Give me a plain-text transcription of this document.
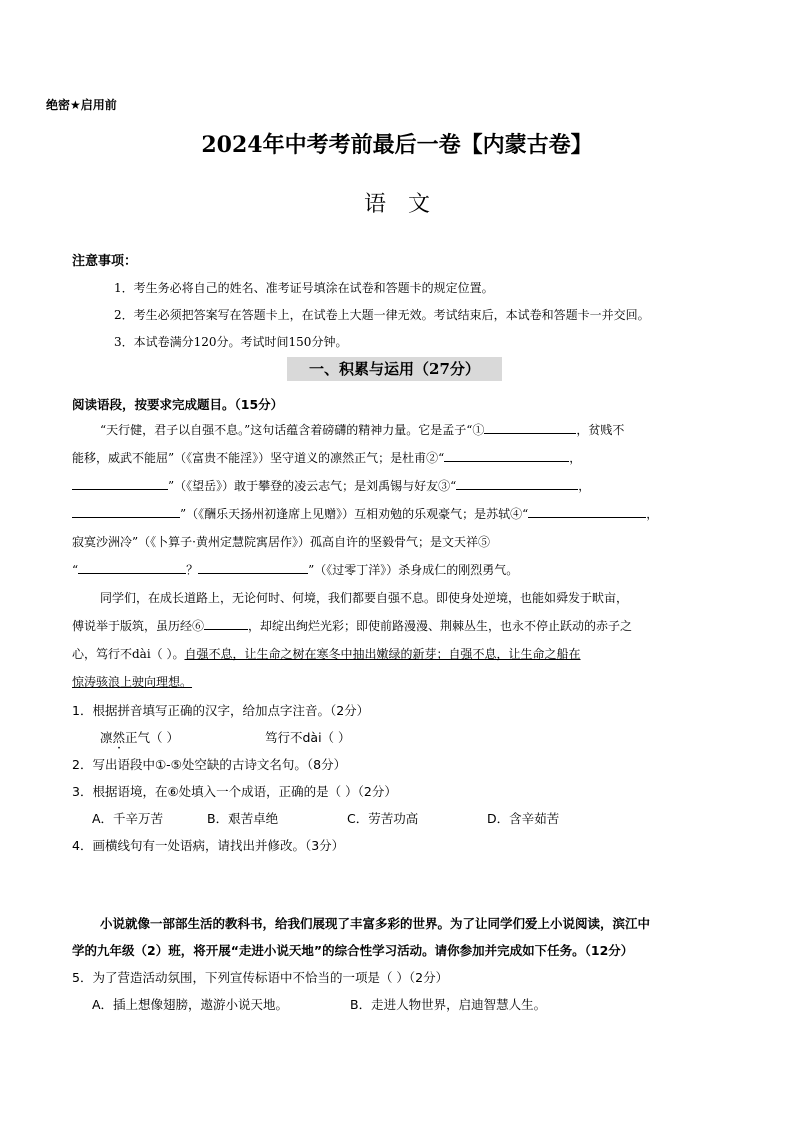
绝密★启用前
2024年中考考前最后一卷【内蒙古卷】
语文
注意事项：
1．考生务必将自己的姓名、准考证号填涂在试卷和答题卡的规定位置。
2．考生必须把答案写在答题卡上，在试卷上大题一律无效。考试结束后，本试卷和答题卡一并交回。
3．本试卷满分120分。考试时间150分钟。
一、积累与运用（27分）
阅读语段，按要求完成题目。（15分）
“天行健，君子以自强不息。”这句话蕴含着磅礴的精神力量。它是孟子“①	，贫贱不
能移，威武不能屈”（《富贵不能淫》）坚守道义的凛然正气；是杜甫②“	，
”（《望岳》）敢于攀登的凌云志气；是刘禹锡与好友③“	，
”（《酬乐天扬州初逢席上见赠》）互相劝勉的乐观豪气；是苏轼④“	，
寂寞沙洲冷”（《卜算子·黄州定慧院寓居作》）孤高自许的坚毅骨气；是文天祥⑤
“	？	”（《过零丁洋》）杀身成仁的刚烈勇气。
同学们，在成长道路上，无论何时、何境，我们都要自强不息。即使身处逆境，也能如舜发于畎亩，
傅说举于版筑，虽历经⑥	，却绽出绚烂光彩；即使前路漫漫、荆棘丛生，也永不停止跃动的赤子之
心，笃行不dài（ ）。自强不息，让生命之树在寒冬中抽出嫩绿的新芽；自强不息，让生命之船在
惊涛骇浪上驶向理想。
1．根据拼音填写正确的汉字，给加点字注音。（2分）
凛然正气（ ）	笃行不dài（ ）
2．写出语段中①-⑤处空缺的古诗文名句。（8分）
3．根据语境，在⑥处填入一个成语，正确的是（ ）（2分）
A．千辛万苦	B．艰苦卓绝	C．劳苦功高	D．含辛茹苦
4．画横线句有一处语病，请找出并修改。（3分）
小说就像一部部生活的教科书，给我们展现了丰富多彩的世界。为了让同学们爱上小说阅读，滨江中
学的九年级（2）班，将开展“走进小说天地”的综合性学习活动。请你参加并完成如下任务。（12分）
5．为了营造活动氛围，下列宣传标语中不恰当的一项是（ ）（2分）
A．插上想像翅膀，遨游小说天地。	B．走进人物世界，启迪智慧人生。
